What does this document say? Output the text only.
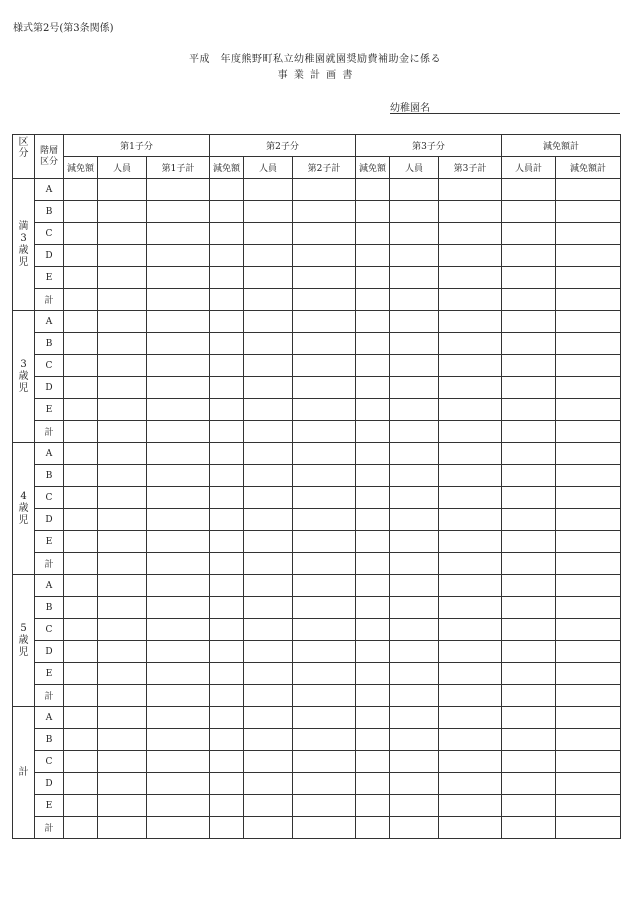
様式第2号(第3条関係)
平成　年度熊野町私立幼稚園就園奨励費補助金に係る
事 業 計 画 書
幼稚園名
区分	階層区分	第1子分			第2子分			第3子分			減免額計	
		減免額	人員	第1子計	減免額	人員	第2子計	減免額	人員	第3子計	人員計	減免額計
満3歳児	A											
	B											
	C											
	D											
	E											
	計											
3歳児	A											
	B											
	C											
	D											
	E											
	計											
4歳児	A											
	B											
	C											
	D											
	E											
	計											
5歳児	A											
	B											
	C											
	D											
	E											
	計											
計	A											
	B											
	C											
	D											
	E											
	計											
